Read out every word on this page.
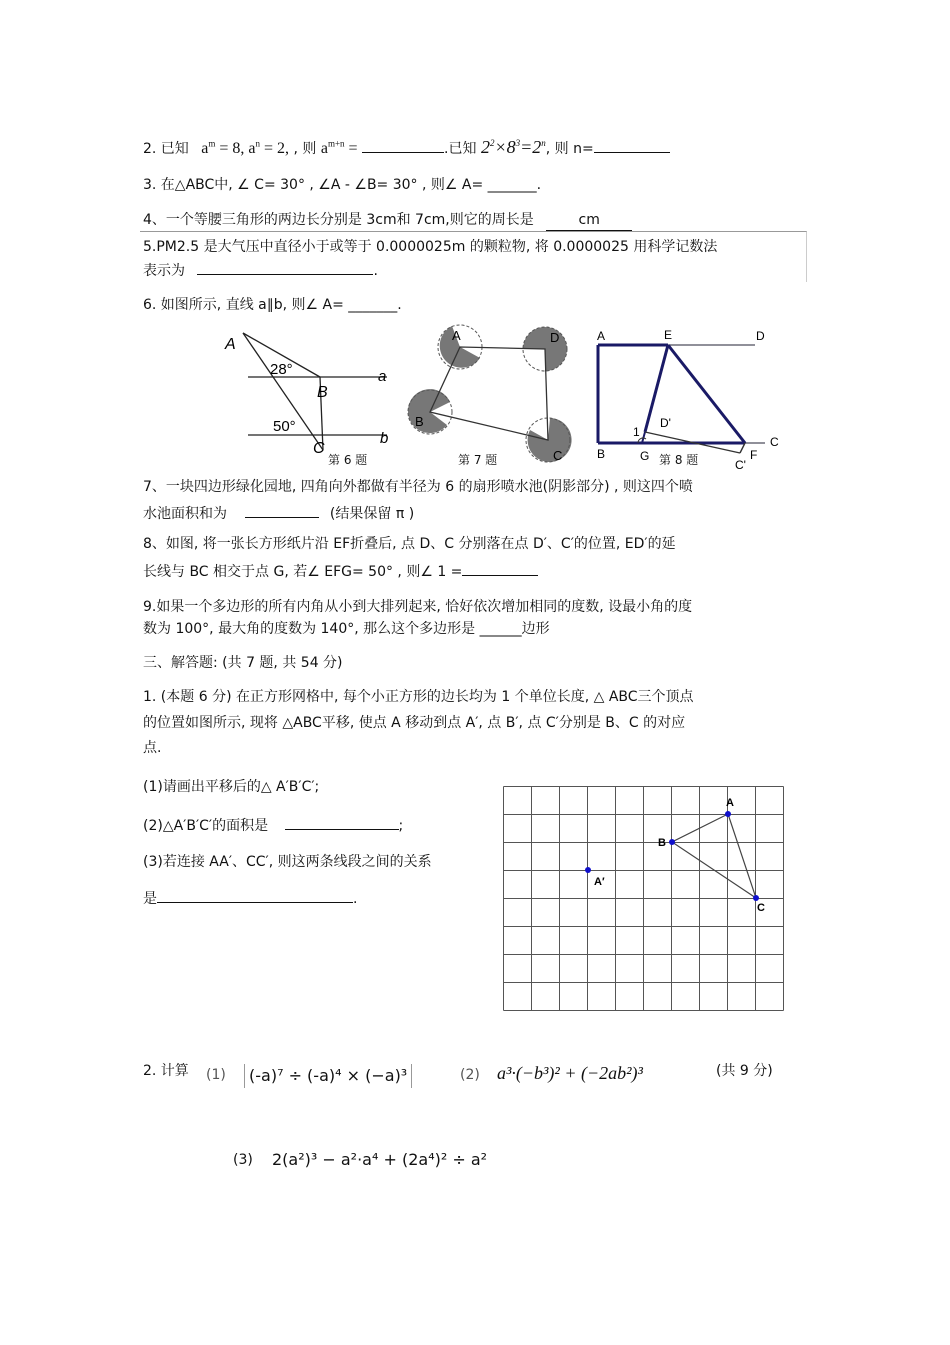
2. 已知 $a^m = 8$, $a^n = 2$, , 则 $a^{m+n}$ =	.已知 $2^2\times 8^3=2^n$, 则 n=
3. 在△ABC中, ∠ C= 30° , ∠A - ∠B= 30° , 则∠ A= _______.
4、一个等腰三角形的两边长分别是 3cm和 7cm,则它的周长是	cm
5.PM2.5 是大气压中直径小于或等于 0.0000025m 的颗粒物, 将 0.0000025 用科学记数法
表示为	.
6. 如图所示, 直线 a∥b, 则∠ A= _______.
A
B
C
a
b
28°
50°
第 6 题
A	D
B
C
第 7 题
A	E	D
D'
1
C
B	G	F
C'
第 8 题
7、一块四边形绿化园地, 四角向外都做有半径为 6 的扇形喷水池(阴影部分) , 则这四个喷
水池面积和为	(结果保留 π )
8、如图, 将一张长方形纸片沿 EF折叠后, 点 D、C 分别落在点 D′、C′的位置, ED′的延
长线与 BC 相交于点 G, 若∠ EFG= 50° , 则∠ 1 =
9.如果一个多边形的所有内角从小到大排列起来, 恰好依次增加相同的度数, 设最小角的度
数为 100°, 最大角的度数为 140°, 那么这个多边形是 ______边形
三、解答题: (共 7 题, 共 54 分)
1. (本题 6 分) 在正方形网格中, 每个小正方形的边长均为 1 个单位长度, △ ABC三个顶点
的位置如图所示, 现将 △ABC平移, 使点 A 移动到点 A′, 点 B′, 点 C′分别是 B、C 的对应
点.
(1)请画出平移后的△ A′B′C′;
(2)△A′B′C′的面积是	;
(3)若连接 AA′、CC′, 则这两条线段之间的关系
是	.
A
B
C
A′
2. 计算 (1)	(-a)⁷ ÷ (-a)⁴ × (−a)³	(2) a³·(−b³)² + (−2ab²)³	(共 9 分)
(3) 2(a²)³ − a²·a⁴ + (2a⁴)² ÷ a²
